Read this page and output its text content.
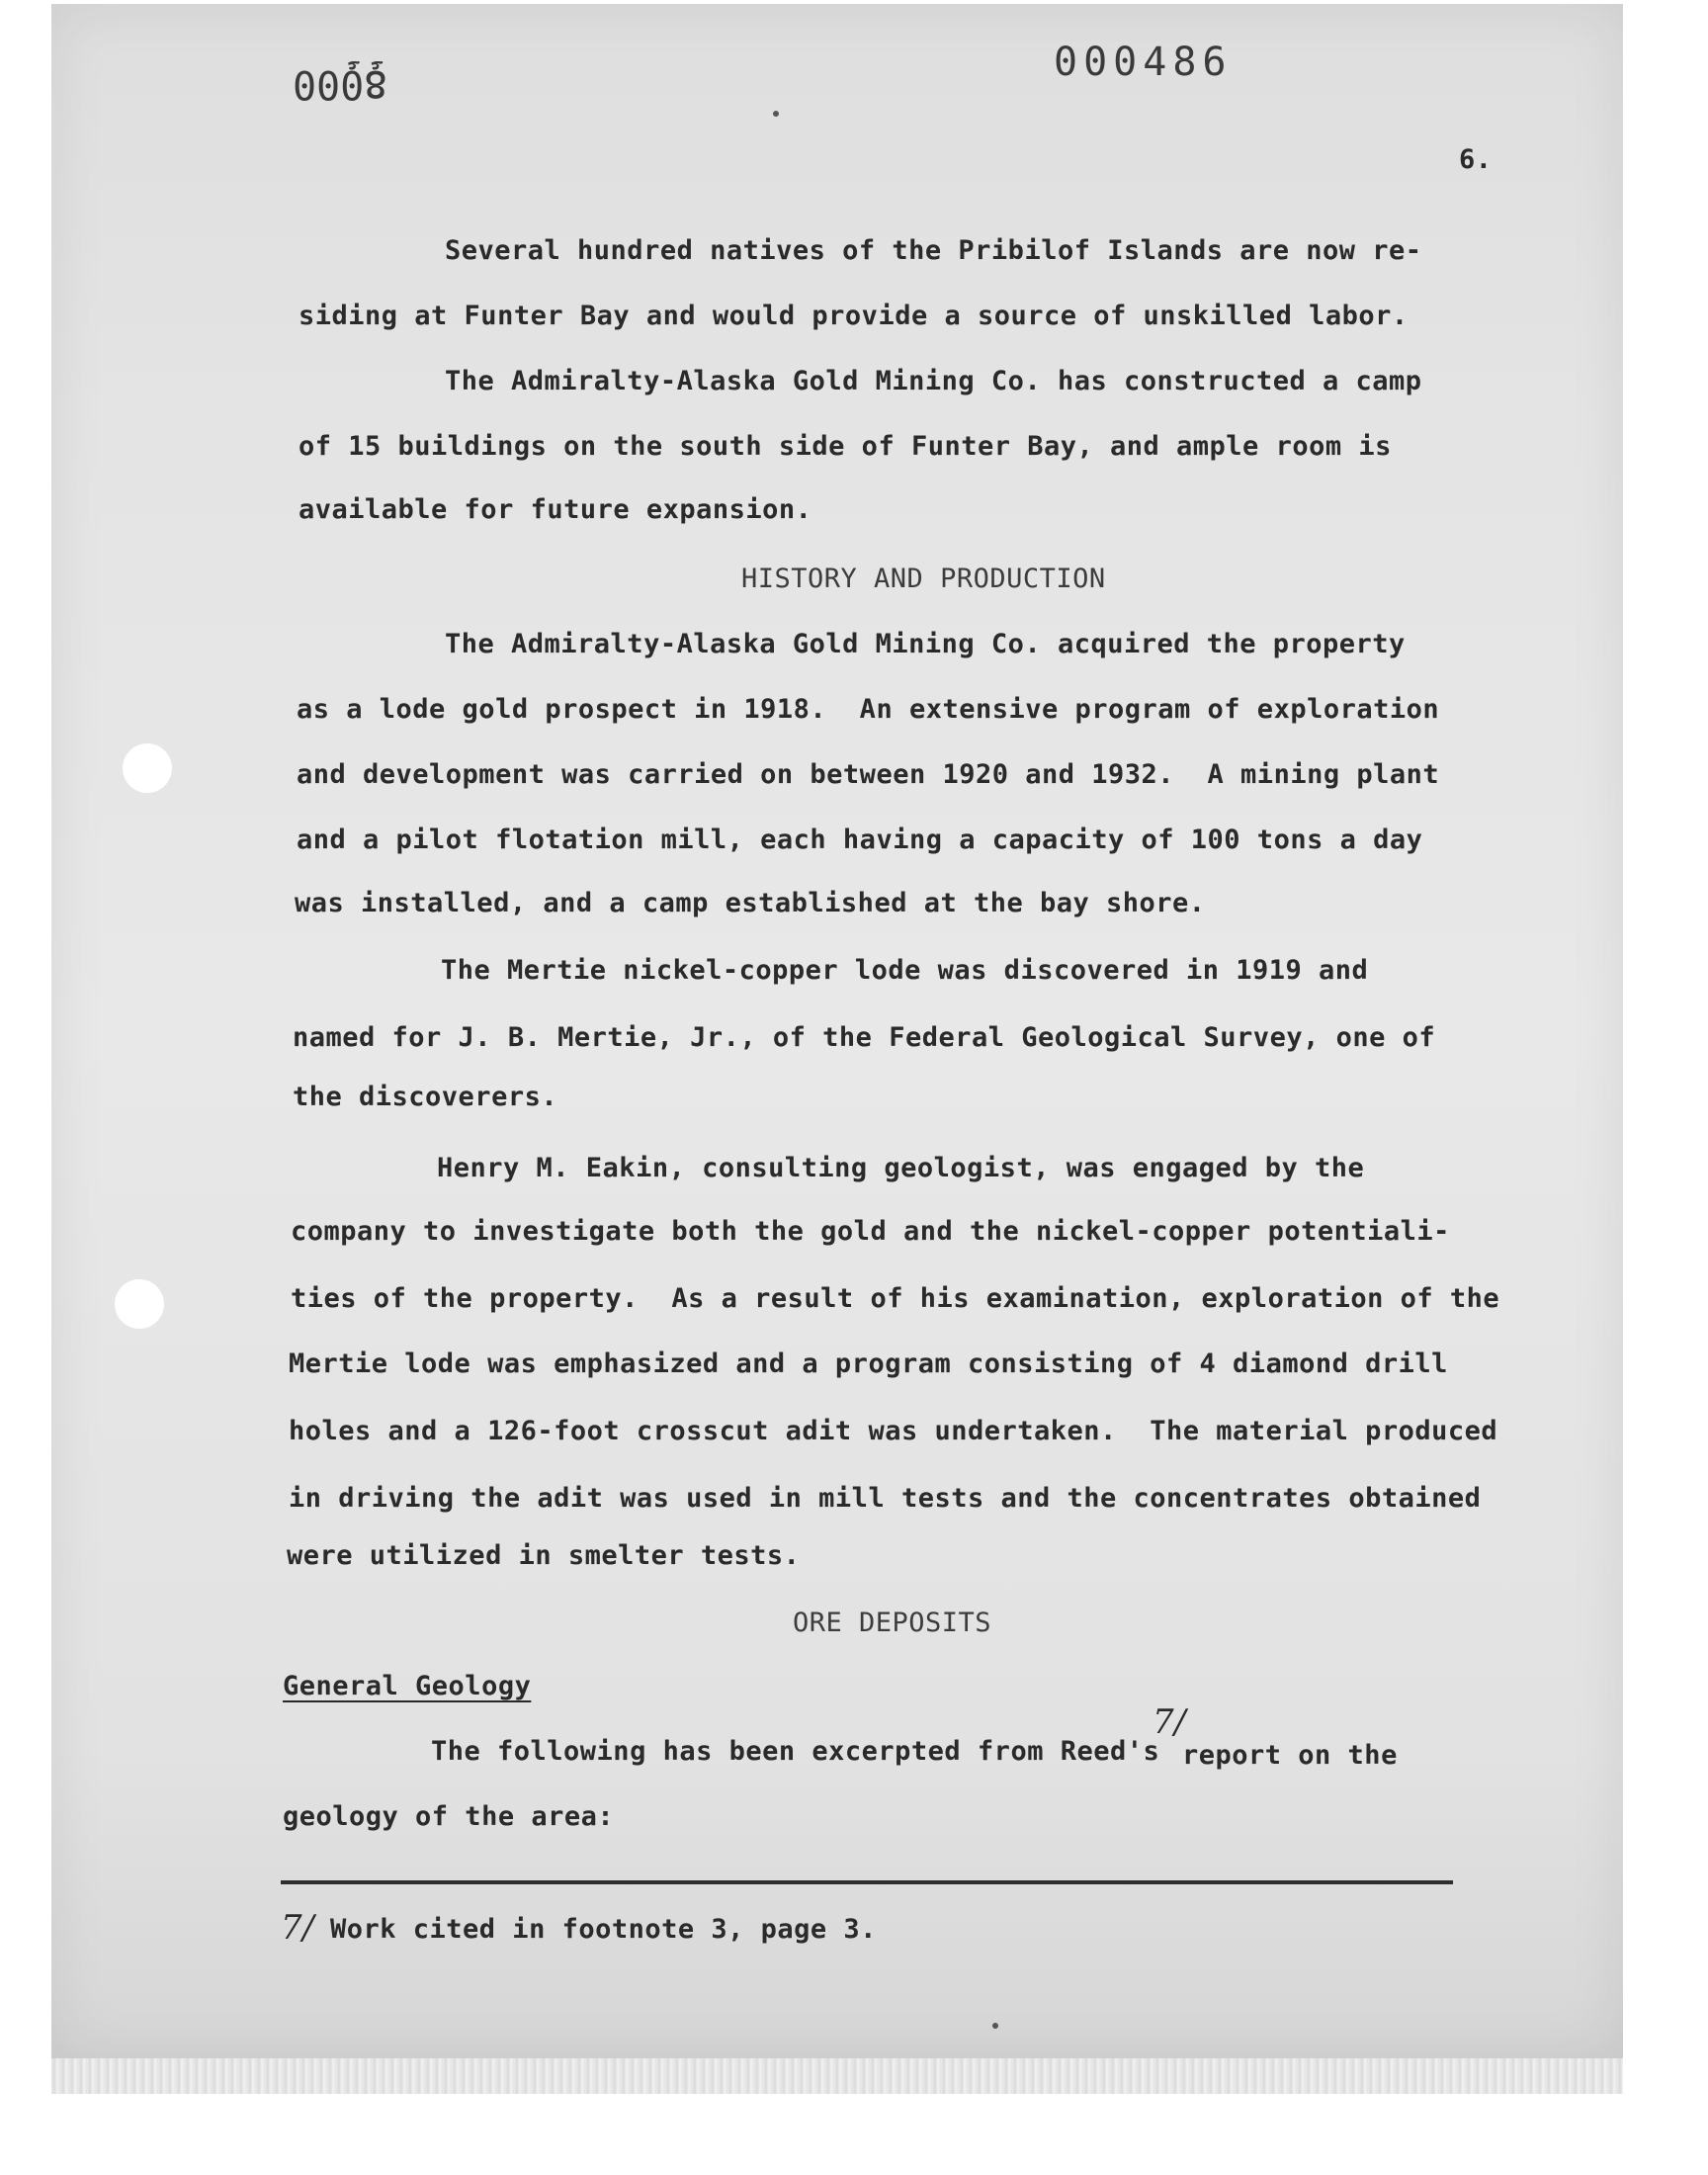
ٟ8ٟ000	000486
6.
Several hundred natives of the Pribilof Islands are now re-
siding at Funter Bay and would provide a source of unskilled labor.
The Admiralty-Alaska Gold Mining Co. has constructed a camp
of 15 buildings on the south side of Funter Bay, and ample room is
available for future expansion.
HISTORY AND PRODUCTION
The Admiralty-Alaska Gold Mining Co. acquired the property
as a lode gold prospect in 1918.  An extensive program of exploration
and development was carried on between 1920 and 1932.  A mining plant
and a pilot flotation mill, each having a capacity of 100 tons a day
was installed, and a camp established at the bay shore.
The Mertie nickel-copper lode was discovered in 1919 and
named for J. B. Mertie, Jr., of the Federal Geological Survey, one of
the discoverers.
Henry M. Eakin, consulting geologist, was engaged by the
company to investigate both the gold and the nickel-copper potentiali-
ties of the property.  As a result of his examination, exploration of the
Mertie lode was emphasized and a program consisting of 4 diamond drill
holes and a 126-foot crosscut adit was undertaken.  The material produced
in driving the adit was used in mill tests and the concentrates obtained
were utilized in smelter tests.
ORE DEPOSITS
General Geology
The following has been excerpted from Reed's
7/
report on the
geology of the area:
7/ Work cited in footnote 3, page 3.
